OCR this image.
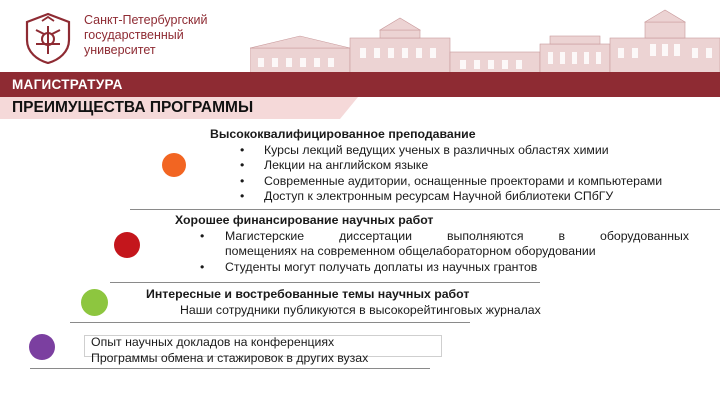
Санкт-Петербургский
государственный
университет
МАГИСТРАТУРА
ПРЕИМУЩЕСТВА ПРОГРАММЫ
Высококвалифицированное преподавание
• Курсы лекций ведущих ученых в различных областях химии
• Лекции на английском языке
• Современные аудитории, оснащенные проекторами и компьютерами
• Доступ к электронным ресурсам Научной библиотеки СПбГУ
Хорошее финансирование научных работ
• Магистерские диссертации выполняются в оборудованных
помещениях на современном общелабораторном оборудовании
• Студенты могут получать доплаты из научных грантов
Интересные и востребованные темы научных работ
Наши сотрудники публикуются в высокорейтинговых журналах
Опыт научных докладов на конференциях
Программы обмена и стажировок в других вузах
